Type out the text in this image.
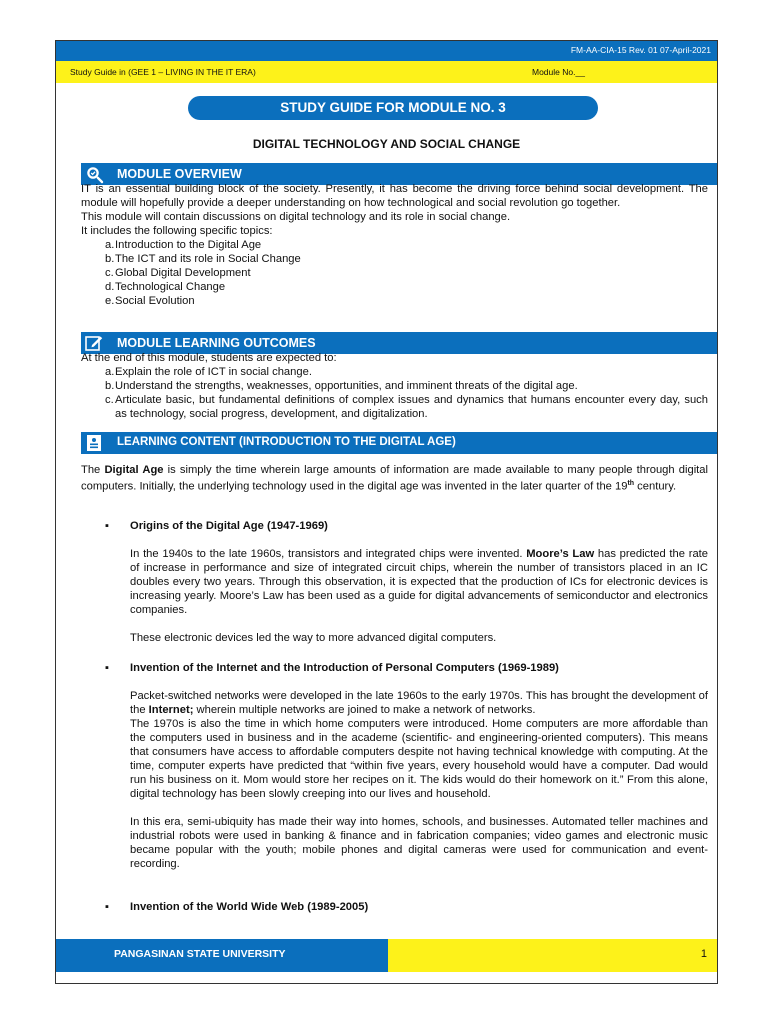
FM-AA-CIA-15 Rev. 01 07-April-2021
Study Guide in (GEE 1 – LIVING IN THE IT ERA)	Module No.__
STUDY GUIDE FOR MODULE NO. 3
DIGITAL TECHNOLOGY AND SOCIAL CHANGE
MODULE OVERVIEW

IT is an essential building block of the society. Presently, it has become the driving force behind social development. The module will hopefully provide a deeper understanding on how technological and social revolution go together.

This module will contain discussions on digital technology and its role in social change.

It includes the following specific topics:

a. Introduction to the Digital Age
b. The ICT and its role in Social Change
c. Global Digital Development
d. Technological Change
e. Social Evolution
MODULE LEARNING OUTCOMES

At the end of this module, students are expected to:

a. Explain the role of ICT in social change.
b. Understand the strengths, weaknesses, opportunities, and imminent threats of the digital age.
c. Articulate basic, but fundamental definitions of complex issues and dynamics that humans encounter every day, such as technology, social progress, development, and digitalization.
LEARNING CONTENT (INTRODUCTION TO THE DIGITAL AGE)

The Digital Age is simply the time wherein large amounts of information are made available to many people through digital computers. Initially, the underlying technology used in the digital age was invented in the later quarter of the 19th century.

▪ Origins of the Digital Age (1947-1969)

In the 1940s to the late 1960s, transistors and integrated chips were invented. Moore’s Law has predicted the rate of increase in performance and size of integrated circuit chips, wherein the number of transistors placed in an IC doubles every two years. Through this observation, it is expected that the production of ICs for electronic devices is increasing yearly. Moore’s Law has been used as a guide for digital advancements of semiconductor and electronics companies.

These electronic devices led the way to more advanced digital computers.

▪ Invention of the Internet and the Introduction of Personal Computers (1969-1989)

Packet-switched networks were developed in the late 1960s to the early 1970s. This has brought the development of the Internet; wherein multiple networks are joined to make a network of networks.

The 1970s is also the time in which home computers were introduced. Home computers are more affordable than the computers used in business and in the academe (scientific- and engineering-oriented computers). This means that consumers have access to affordable computers despite not having technical knowledge with computing. At the time, computer experts have predicted that “within five years, every household would have a computer. Dad would run his business on it. Mom would store her recipes on it. The kids would do their homework on it.” From this alone, digital technology has been slowly creeping into our lives and household.

In this era, semi-ubiquity has made their way into homes, schools, and businesses. Automated teller machines and industrial robots were used in banking & finance and in fabrication companies; video games and electronic music became popular with the youth; mobile phones and digital cameras were used for communication and event-recording.

▪ Invention of the World Wide Web (1989-2005)
PANGASINAN STATE UNIVERSITY	1
